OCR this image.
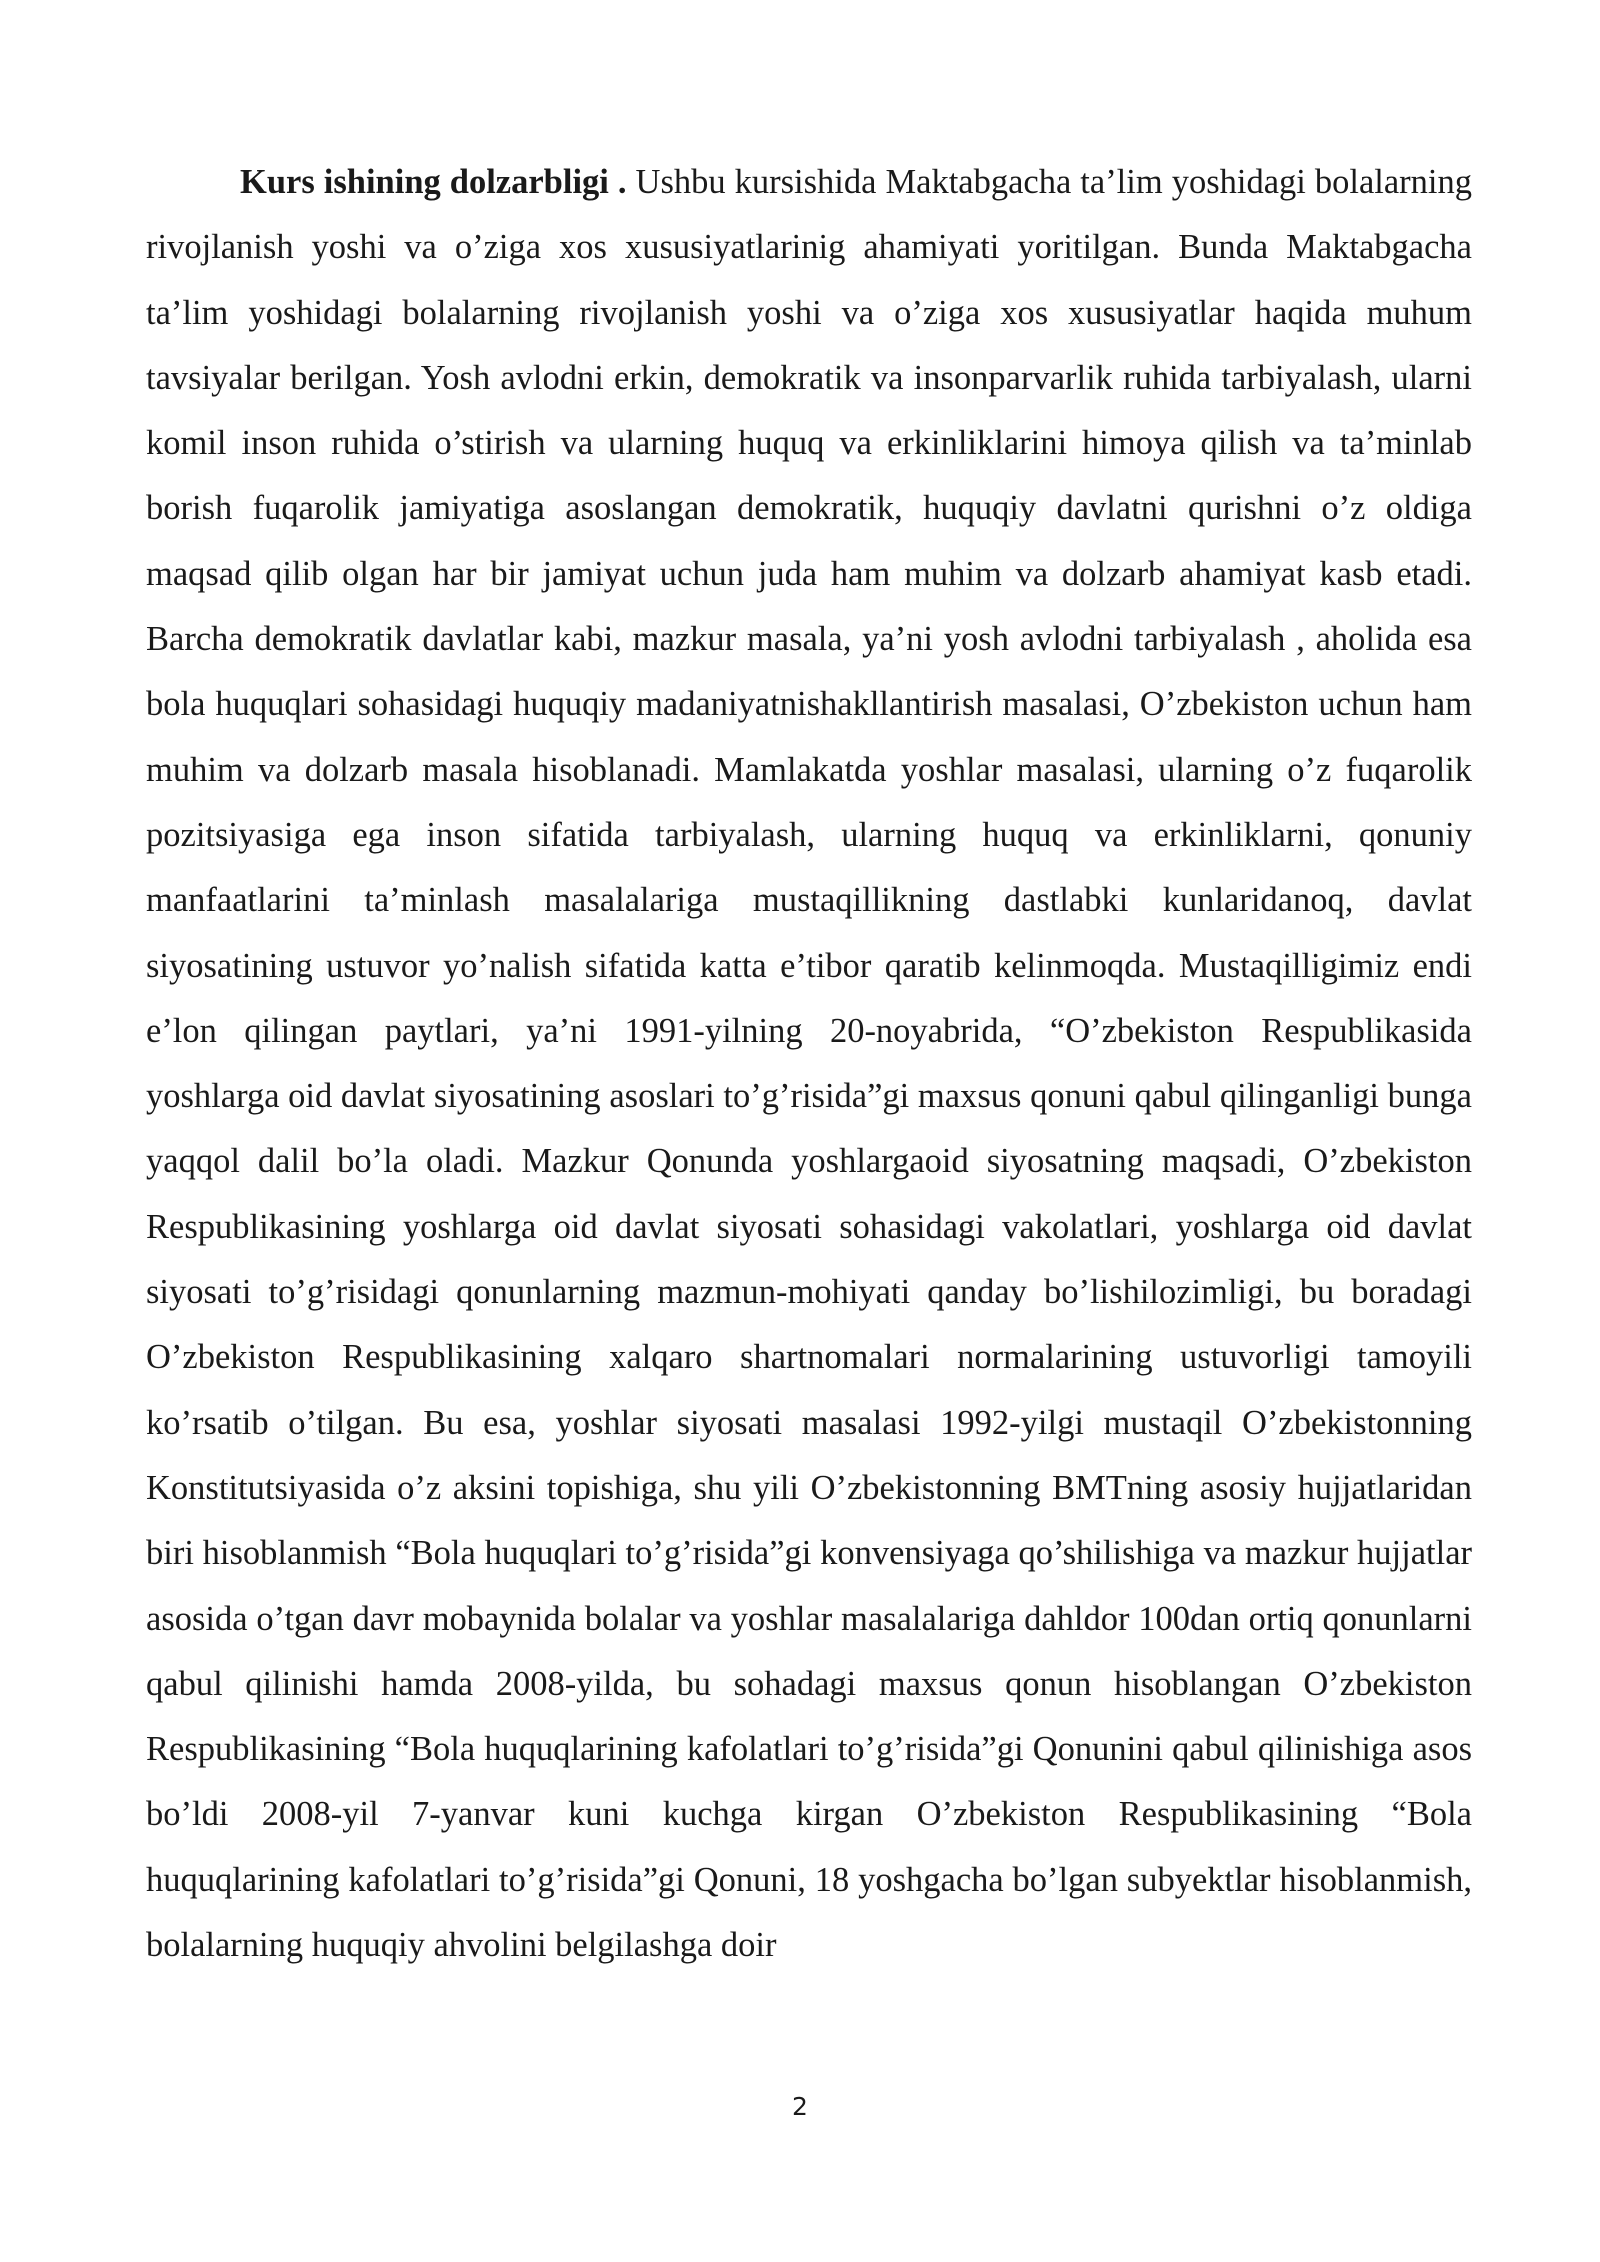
Kurs ishining dolzarbligi . Ushbu kursishida Maktabgacha ta’lim yoshidagi bolalarning rivojlanish yoshi va o’ziga xos xususiyatlarinig ahamiyati yoritilgan. Bunda Maktabgacha ta’lim yoshidagi bolalarning rivojlanish yoshi va o’ziga xos xususiyatlar haqida muhum tavsiyalar berilgan. Yosh avlodni erkin, demokratik va insonparvarlik ruhida tarbiyalash, ularni komil inson ruhida o’stirish va ularning huquq va erkinliklarini himoya qilish va ta’minlab borish fuqarolik jamiyatiga asoslangan demokratik, huquqiy davlatni qurishni o’z oldiga maqsad qilib olgan har bir jamiyat uchun juda ham muhim va dolzarb ahamiyat kasb etadi. Barcha demokratik davlatlar kabi, mazkur masala, ya’ni yosh avlodni tarbiyalash , aholida esa bola huquqlari sohasidagi huquqiy madaniyatnishakllantirish masalasi, O’zbekiston uchun ham muhim va dolzarb masala hisoblanadi. Mamlakatda yoshlar masalasi, ularning o’z fuqarolik pozitsiyasiga ega inson sifatida tarbiyalash, ularning huquq va erkinliklarni, qonuniy manfaatlarini ta’minlash masalalariga mustaqillikning dastlabki kunlaridanoq, davlat siyosatining ustuvor yo’nalish sifatida katta e’tibor qaratib kelinmoqda. Mustaqilligimiz endi e’lon qilingan paytlari, ya’ni 1991-yilning 20-noyabrida, “O’zbekiston Respublikasida yoshlarga oid davlat siyosatining asoslari to’g’risida”gi maxsus qonuni qabul qilinganligi bunga yaqqol dalil bo’la oladi. Mazkur Qonunda yoshlargaoid siyosatning maqsadi, O’zbekiston Respublikasining yoshlarga oid davlat siyosati sohasidagi vakolatlari, yoshlarga oid davlat siyosati to’g’risidagi qonunlarning mazmun-mohiyati qanday bo’lishilozimligi, bu boradagi O’zbekiston Respublikasining xalqaro shartnomalari normalarining ustuvorligi tamoyili ko’rsatib o’tilgan. Bu esa, yoshlar siyosati masalasi 1992-yilgi mustaqil O’zbekistonning Konstitutsiyasida o’z aksini topishiga, shu yili O’zbekistonning BMTning asosiy hujjatlaridan biri hisoblanmish “Bola huquqlari to’g’risida”gi konvensiyaga qo’shilishiga va mazkur hujjatlar asosida o’tgan davr mobaynida bolalar va yoshlar masalalariga dahldor 100dan ortiq qonunlarni qabul qilinishi hamda 2008-yilda, bu sohadagi maxsus qonun hisoblangan O’zbekiston Respublikasining “Bola huquqlarining kafolatlari to’g’risida”gi Qonunini qabul qilinishiga asos bo’ldi 2008-yil 7-yanvar kuni kuchga kirgan O’zbekiston Respublikasining “Bola huquqlarining kafolatlari to’g’risida”gi Qonuni, 18 yoshgacha bo’lgan subyektlar hisoblanmish, bolalarning huquqiy ahvolini belgilashga doir

2
